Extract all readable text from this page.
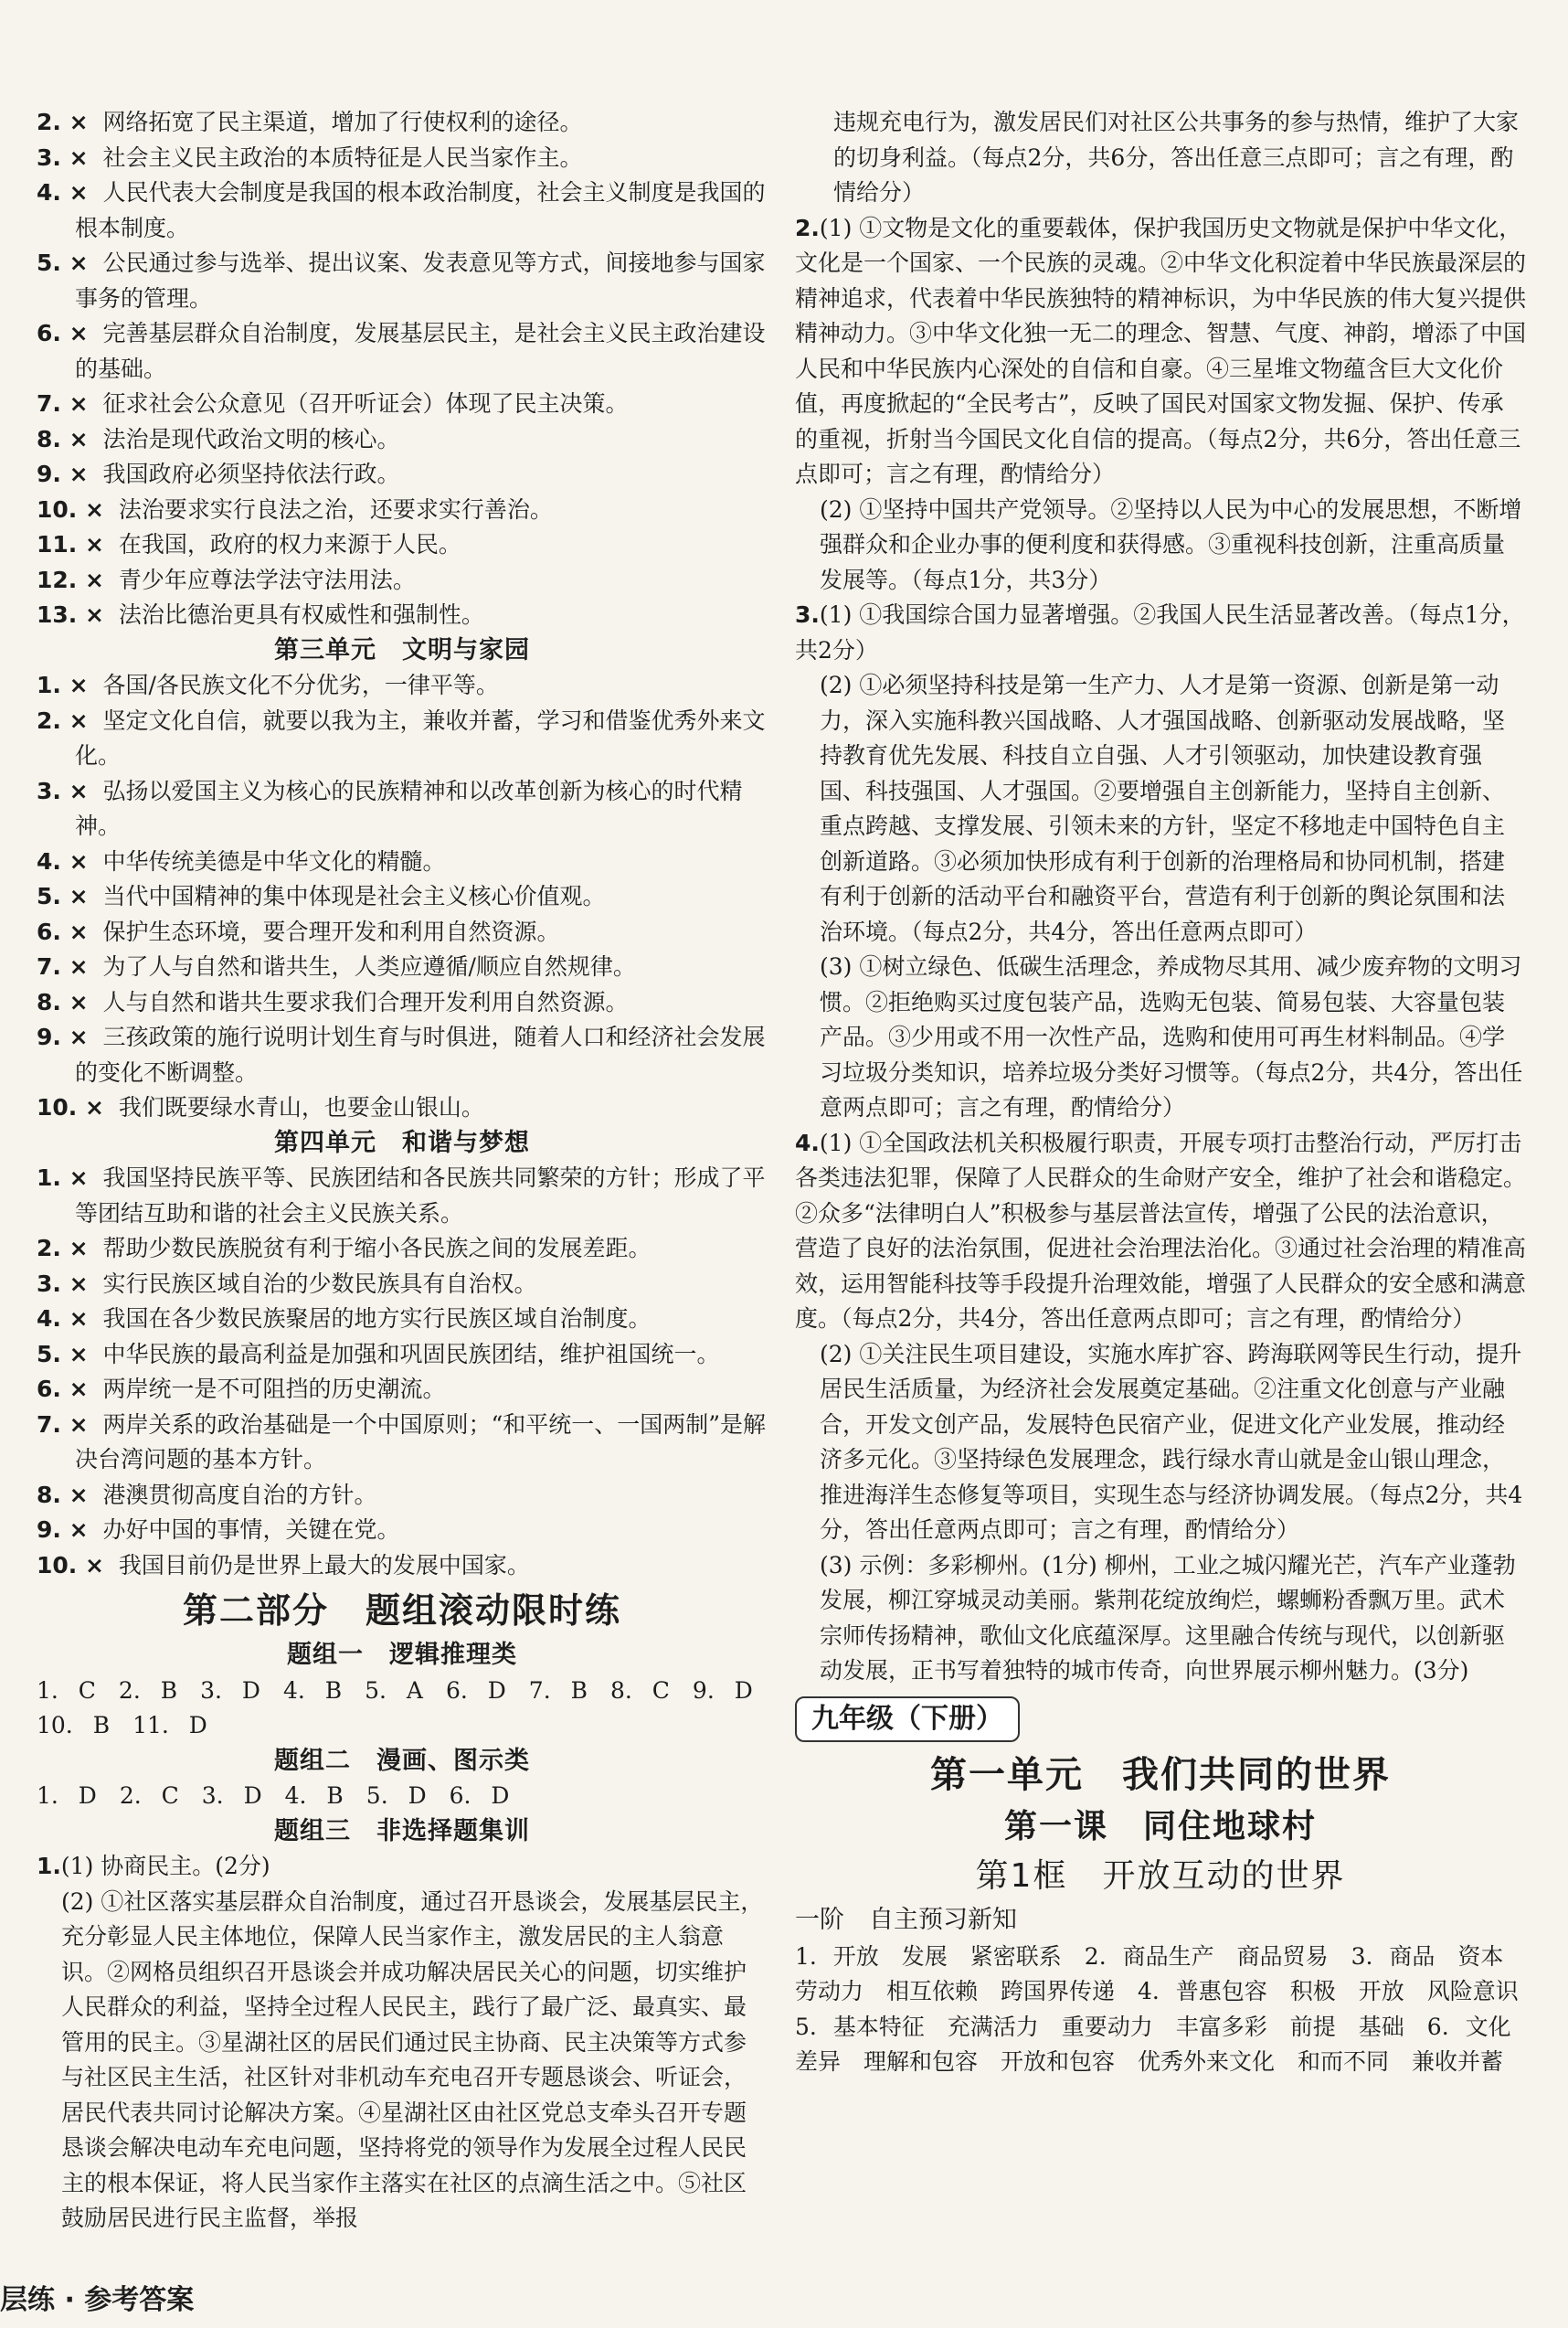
2. × 网络拓宽了民主渠道，增加了行使权利的途径。

3. × 社会主义民主政治的本质特征是人民当家作主。

4. × 人民代表大会制度是我国的根本政治制度，社会主义制度是我国的根本制度。

5. × 公民通过参与选举、提出议案、发表意见等方式，间接地参与国家事务的管理。

6. × 完善基层群众自治制度，发展基层民主，是社会主义民主政治建设的基础。

7. × 征求社会公众意见（召开听证会）体现了民主决策。

8. × 法治是现代政治文明的核心。

9. × 我国政府必须坚持依法行政。

10. × 法治要求实行良法之治，还要求实行善治。

11. × 在我国，政府的权力来源于人民。

12. × 青少年应尊法学法守法用法。

13. × 法治比德治更具有权威性和强制性。

第三单元　文明与家园

1. × 各国/各民族文化不分优劣，一律平等。

2. × 坚定文化自信，就要以我为主，兼收并蓄，学习和借鉴优秀外来文化。

3. × 弘扬以爱国主义为核心的民族精神和以改革创新为核心的时代精神。

4. × 中华传统美德是中华文化的精髓。

5. × 当代中国精神的集中体现是社会主义核心价值观。

6. × 保护生态环境，要合理开发和利用自然资源。

7. × 为了人与自然和谐共生，人类应遵循/顺应自然规律。

8. × 人与自然和谐共生要求我们合理开发利用自然资源。

9. × 三孩政策的施行说明计划生育与时俱进，随着人口和经济社会发展的变化不断调整。

10. × 我们既要绿水青山，也要金山银山。

第四单元　和谐与梦想

1. × 我国坚持民族平等、民族团结和各民族共同繁荣的方针；形成了平等团结互助和谐的社会主义民族关系。

2. × 帮助少数民族脱贫有利于缩小各民族之间的发展差距。

3. × 实行民族区域自治的少数民族具有自治权。

4. × 我国在各少数民族聚居的地方实行民族区域自治制度。

5. × 中华民族的最高利益是加强和巩固民族团结，维护祖国统一。

6. × 两岸统一是不可阻挡的历史潮流。

7. × 两岸关系的政治基础是一个中国原则；“和平统一、一国两制”是解决台湾问题的基本方针。

8. × 港澳贯彻高度自治的方针。

9. × 办好中国的事情，关键在党。

10. × 我国目前仍是世界上最大的发展中国家。

第二部分　题组滚动限时练
题组一　逻辑推理类

1. C　2. B　3. D　4. B　5. A　6. D　7. B　8. C　9. D　10. B　11. D

题组二　漫画、图示类

1. D　2. C　3. D　4. B　5. D　6. D

题组三　非选择题集训

1.(1) 协商民主。(2分)

(2) ①社区落实基层群众自治制度，通过召开恳谈会，发展基层民主，充分彰显人民主体地位，保障人民当家作主，激发居民的主人翁意识。②网格员组织召开恳谈会并成功解决居民关心的问题，切实维护人民群众的利益，坚持全过程人民民主，践行了最广泛、最真实、最管用的民主。③星湖社区的居民们通过民主协商、民主决策等方式参与社区民主生活，社区针对非机动车充电召开专题恳谈会、听证会，居民代表共同讨论解决方案。④星湖社区由社区党总支牵头召开专题恳谈会解决电动车充电问题，坚持将党的领导作为发展全过程人民民主的根本保证，将人民当家作主落实在社区的点滴生活之中。⑤社区鼓励居民进行民主监督，举报

违规充电行为，激发居民们对社区公共事务的参与热情，维护了大家的切身利益。（每点2分，共6分，答出任意三点即可；言之有理，酌情给分）

2.(1) ①文物是文化的重要载体，保护我国历史文物就是保护中华文化，文化是一个国家、一个民族的灵魂。②中华文化积淀着中华民族最深层的精神追求，代表着中华民族独特的精神标识，为中华民族的伟大复兴提供精神动力。③中华文化独一无二的理念、智慧、气度、神韵，增添了中国人民和中华民族内心深处的自信和自豪。④三星堆文物蕴含巨大文化价值，再度掀起的“全民考古”，反映了国民对国家文物发掘、保护、传承的重视，折射当今国民文化自信的提高。（每点2分，共6分，答出任意三点即可；言之有理，酌情给分）

(2) ①坚持中国共产党领导。②坚持以人民为中心的发展思想，不断增强群众和企业办事的便利度和获得感。③重视科技创新，注重高质量发展等。（每点1分，共3分）

3.(1) ①我国综合国力显著增强。②我国人民生活显著改善。（每点1分，共2分）

(2) ①必须坚持科技是第一生产力、人才是第一资源、创新是第一动力，深入实施科教兴国战略、人才强国战略、创新驱动发展战略，坚持教育优先发展、科技自立自强、人才引领驱动，加快建设教育强国、科技强国、人才强国。②要增强自主创新能力，坚持自主创新、重点跨越、支撑发展、引领未来的方针，坚定不移地走中国特色自主创新道路。③必须加快形成有利于创新的治理格局和协同机制，搭建有利于创新的活动平台和融资平台，营造有利于创新的舆论氛围和法治环境。（每点2分，共4分，答出任意两点即可）

(3) ①树立绿色、低碳生活理念，养成物尽其用、减少废弃物的文明习惯。②拒绝购买过度包装产品，选购无包装、简易包装、大容量包装产品。③少用或不用一次性产品，选购和使用可再生材料制品。④学习垃圾分类知识，培养垃圾分类好习惯等。（每点2分，共4分，答出任意两点即可；言之有理，酌情给分）

4.(1) ①全国政法机关积极履行职责，开展专项打击整治行动，严厉打击各类违法犯罪，保障了人民群众的生命财产安全，维护了社会和谐稳定。②众多“法律明白人”积极参与基层普法宣传，增强了公民的法治意识，营造了良好的法治氛围，促进社会治理法治化。③通过社会治理的精准高效，运用智能科技等手段提升治理效能，增强了人民群众的安全感和满意度。（每点2分，共4分，答出任意两点即可；言之有理，酌情给分）

(2) ①关注民生项目建设，实施水库扩容、跨海联网等民生行动，提升居民生活质量，为经济社会发展奠定基础。②注重文化创意与产业融合，开发文创产品，发展特色民宿产业，促进文化产业发展，推动经济多元化。③坚持绿色发展理念，践行绿水青山就是金山银山理念，推进海洋生态修复等项目，实现生态与经济协调发展。（每点2分，共4分，答出任意两点即可；言之有理，酌情给分）

(3) 示例：多彩柳州。(1分) 柳州，工业之城闪耀光芒，汽车产业蓬勃发展，柳江穿城灵动美丽。紫荆花绽放绚烂，螺蛳粉香飘万里。武术宗师传扬精神，歌仙文化底蕴深厚。这里融合传统与现代，以创新驱动发展，正书写着独特的城市传奇，向世界展示柳州魅力。(3分)

九年级（下册）
第一单元　我们共同的世界
第一课　同住地球村
第1框　开放互动的世界
一阶　自主预习新知

1. 开放　发展　紧密联系　2. 商品生产　商品贸易　3. 商品　资本　劳动力　相互依赖　跨国界传递　4. 普惠包容　积极　开放　风险意识　5. 基本特征　充满活力　重要动力　丰富多彩　前提　基础　6. 文化差异　理解和包容　开放和包容　优秀外来文化　和而不同　兼收并蓄

层练 · 参考答案
